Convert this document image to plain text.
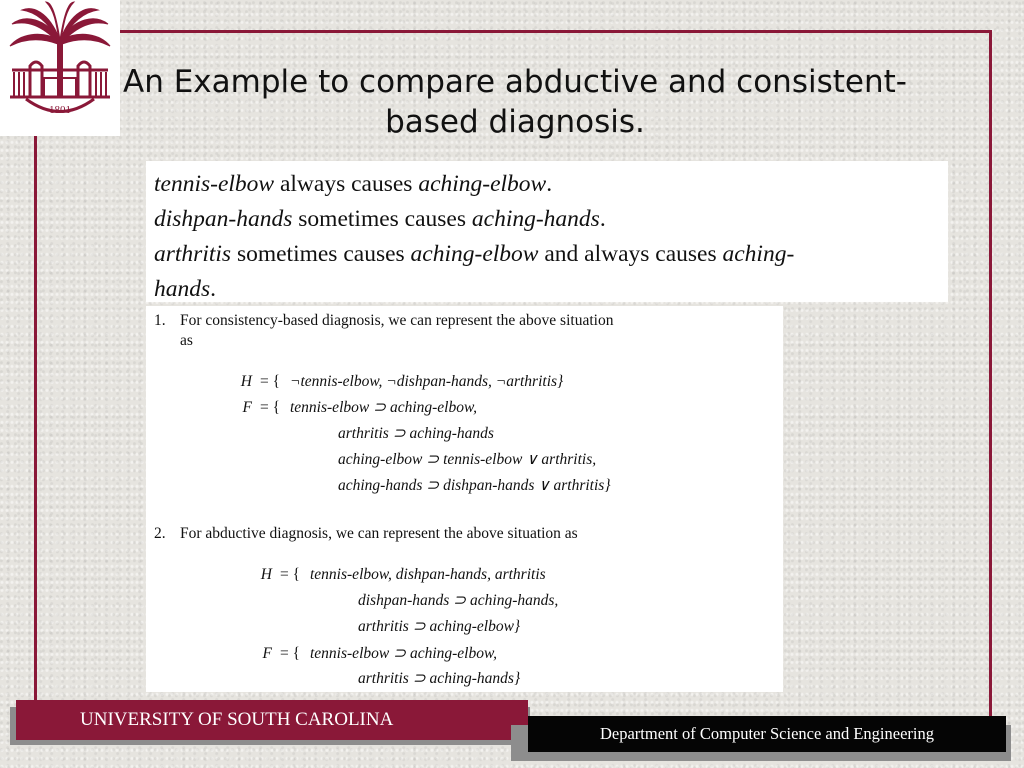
1801
An Example to compare abductive and consistent-based diagnosis.
tennis-elbow always causes aching-elbow.
dishpan-hands sometimes causes aching-hands.
arthritis sometimes causes aching-elbow and always causes aching-
hands.
1. For consistency-based diagnosis, we can represent the above situation
as
H = { ¬tennis-elbow, ¬dishpan-hands, ¬arthritis}
F = { tennis-elbow ⊃ aching-elbow,
arthritis ⊃ aching-hands
aching-elbow ⊃ tennis-elbow ∨ arthritis,
aching-hands ⊃ dishpan-hands ∨ arthritis}
2. For abductive diagnosis, we can represent the above situation as
H = { tennis-elbow, dishpan-hands, arthritis
dishpan-hands ⊃ aching-hands,
arthritis ⊃ aching-elbow}
F = { tennis-elbow ⊃ aching-elbow,
arthritis ⊃ aching-hands}
UNIVERSITY OF SOUTH CAROLINA
Department of Computer Science and Engineering
